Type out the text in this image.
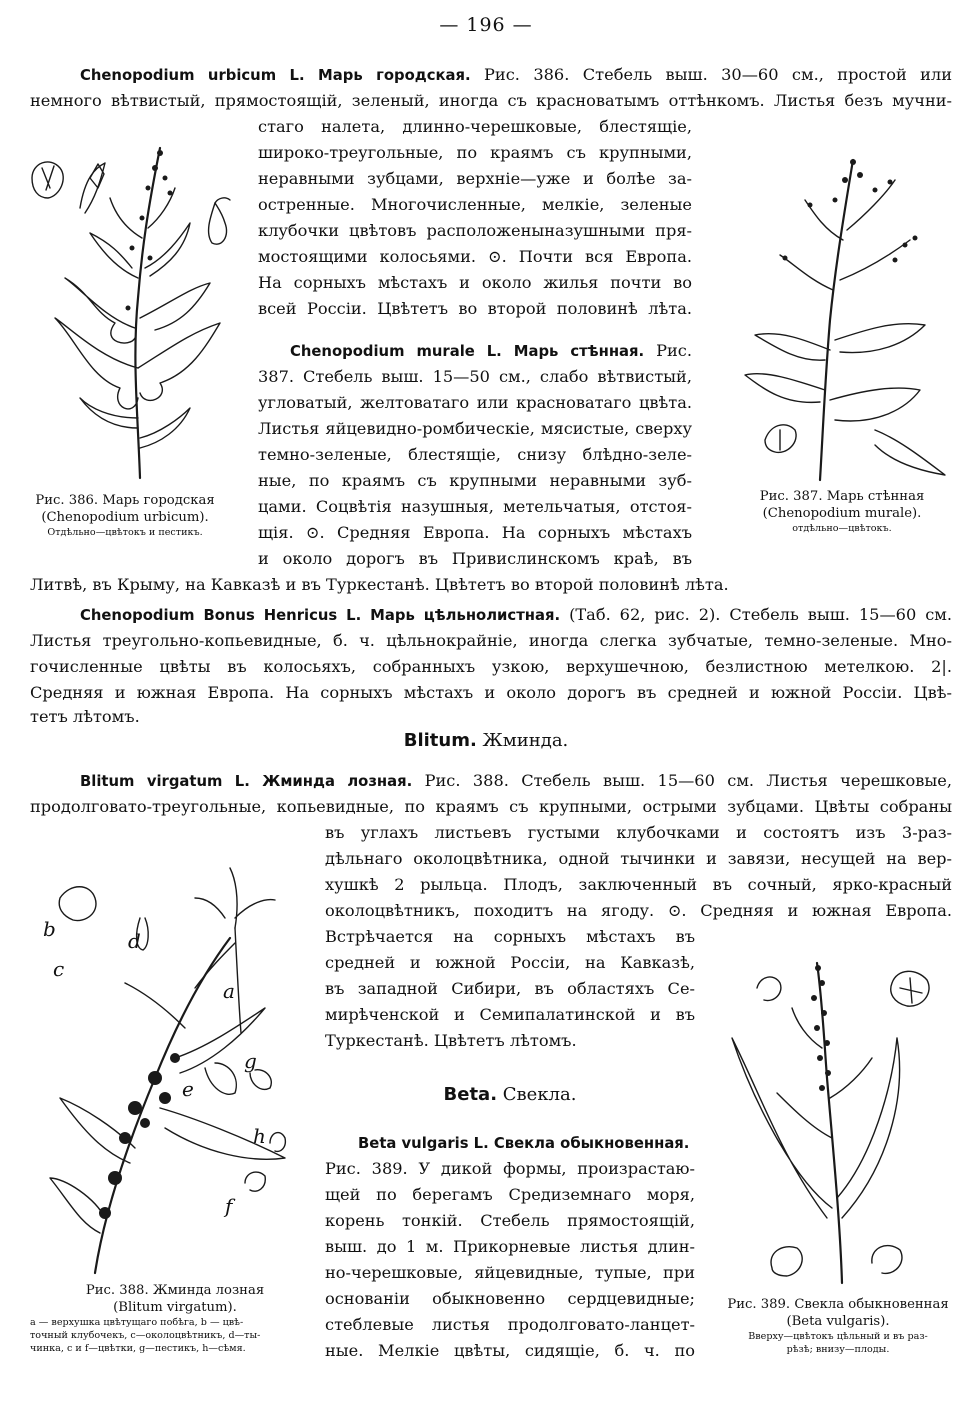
— 196 —
Chenopodium urbicum L. Марь городская. Рис. 386. Стебель выш. 30—60 см., простой или
немного вѣтвистый, прямостоящій, зеленый, иногда съ красноватымъ оттѣнкомъ. Листья безъ мучни-
стаго налета, длинно-черешковые, блестящіе,
широко-треугольные, по краямъ съ крупными,
неравными зубцами, верхніе—уже и болѣе за-
остренные. Многочисленные, мелкіе, зеленые
клубочки цвѣтовъ расположеныназушными пря-
мостоящими колосьями. ⊙. Почти вся Европа.
На сорныхъ мѣстахъ и около жилья почти во
всей Россіи. Цвѣтетъ во второй половинѣ лѣта.
Chenopodium murale L. Марь стѣнная. Рис.
387. Стебель выш. 15—50 см., слабо вѣтвистый,
угловатый, желтоватаго или красноватаго цвѣта.
Листья яйцевидно-ромбическіе, мясистые, сверху
темно-зеленые, блестящіе, снизу блѣдно-зеле-
ные, по краямъ съ крупными неравными зуб-
цами. Соцвѣтія назушныя, метельчатыя, отстоя-
щія. ⊙. Средняя Европа. На сорныхъ мѣстахъ
и около дорогъ въ Привислинскомъ краѣ, въ
Литвѣ, въ Крыму, на Кавказѣ и въ Туркестанѣ. Цвѣтетъ во второй половинѣ лѣта.
Chenopodium Bonus Henricus L. Марь цѣльнолистная. (Таб. 62, рис. 2). Стебель выш. 15—60 см.
Листья треугольно-копьевидные, б. ч. цѣльнокрайніе, иногда слегка зубчатые, темно-зеленые. Мно-
гочисленные цвѣты въ колосьяхъ, собранныхъ узкою, верхушечною, безлистною метелкою. 2|.
Средняя и южная Европа. На сорныхъ мѣстахъ и около дорогъ въ средней и южной Россіи. Цвѣ-
тетъ лѣтомъ.
Blitum. Жминда.
Blitum virgatum L. Жминда лозная. Рис. 388. Стебель выш. 15—60 см. Листья черешковые,
продолговато-треугольные, копьевидные, по краямъ съ крупными, острыми зубцами. Цвѣты собраны
въ углахъ листьевъ густыми клубочками и состоятъ изъ 3-раз-
дѣльнаго околоцвѣтника, одной тычинки и завязи, несущей на вер-
хушкѣ 2 рыльца. Плодъ, заключенный въ сочный, ярко-красный
околоцвѣтникъ, походитъ на ягоду. ⊙. Средняя и южная Европа.
Встрѣчается на сорныхъ мѣстахъ въ
средней и южной Россіи, на Кавказѣ,
въ западной Сибири, въ областяхъ Се-
мирѣченской и Семипалатинской и въ
Туркестанѣ. Цвѣтетъ лѣтомъ.
Beta. Свекла.
Beta vulgaris L. Свекла обыкновенная.
Рис. 389. У дикой формы, произрастаю-
щей по берегамъ Средиземнаго моря,
корень тонкій. Стебель прямостоящій,
выш. до 1 м. Прикорневые листья длин-
но-черешковые, яйцевидные, тупые, при
основаніи обыкновенно сердцевидные;
стеблевые листья продолговато-ланцет-
ные. Мелкіе цвѣты, сидящіе, б. ч. по
Рис. 386. Марь городская
(Chenopodium urbicum).
Отдѣльно—цвѣтокъ и пестикъ.
Рис. 387. Марь стѣнная
(Chenopodium murale).
отдѣльно—цвѣтокъ.
b	d
c
a
e
g
h
f
Рис. 388. Жминда лозная
(Blitum virgatum).
a — верхушка цвѣтущаго побѣга, b — цвѣ-
точный клубочекъ, c—околоцвѣтникъ, d—ты-
чинка, c и f—цвѣтки, g—пестикъ, h—сѣмя.
Рис. 389. Свекла обыкновенная
(Beta vulgaris).
Вверху—цвѣтокъ цѣльный и въ раз-
рѣзѣ; внизу—плоды.
